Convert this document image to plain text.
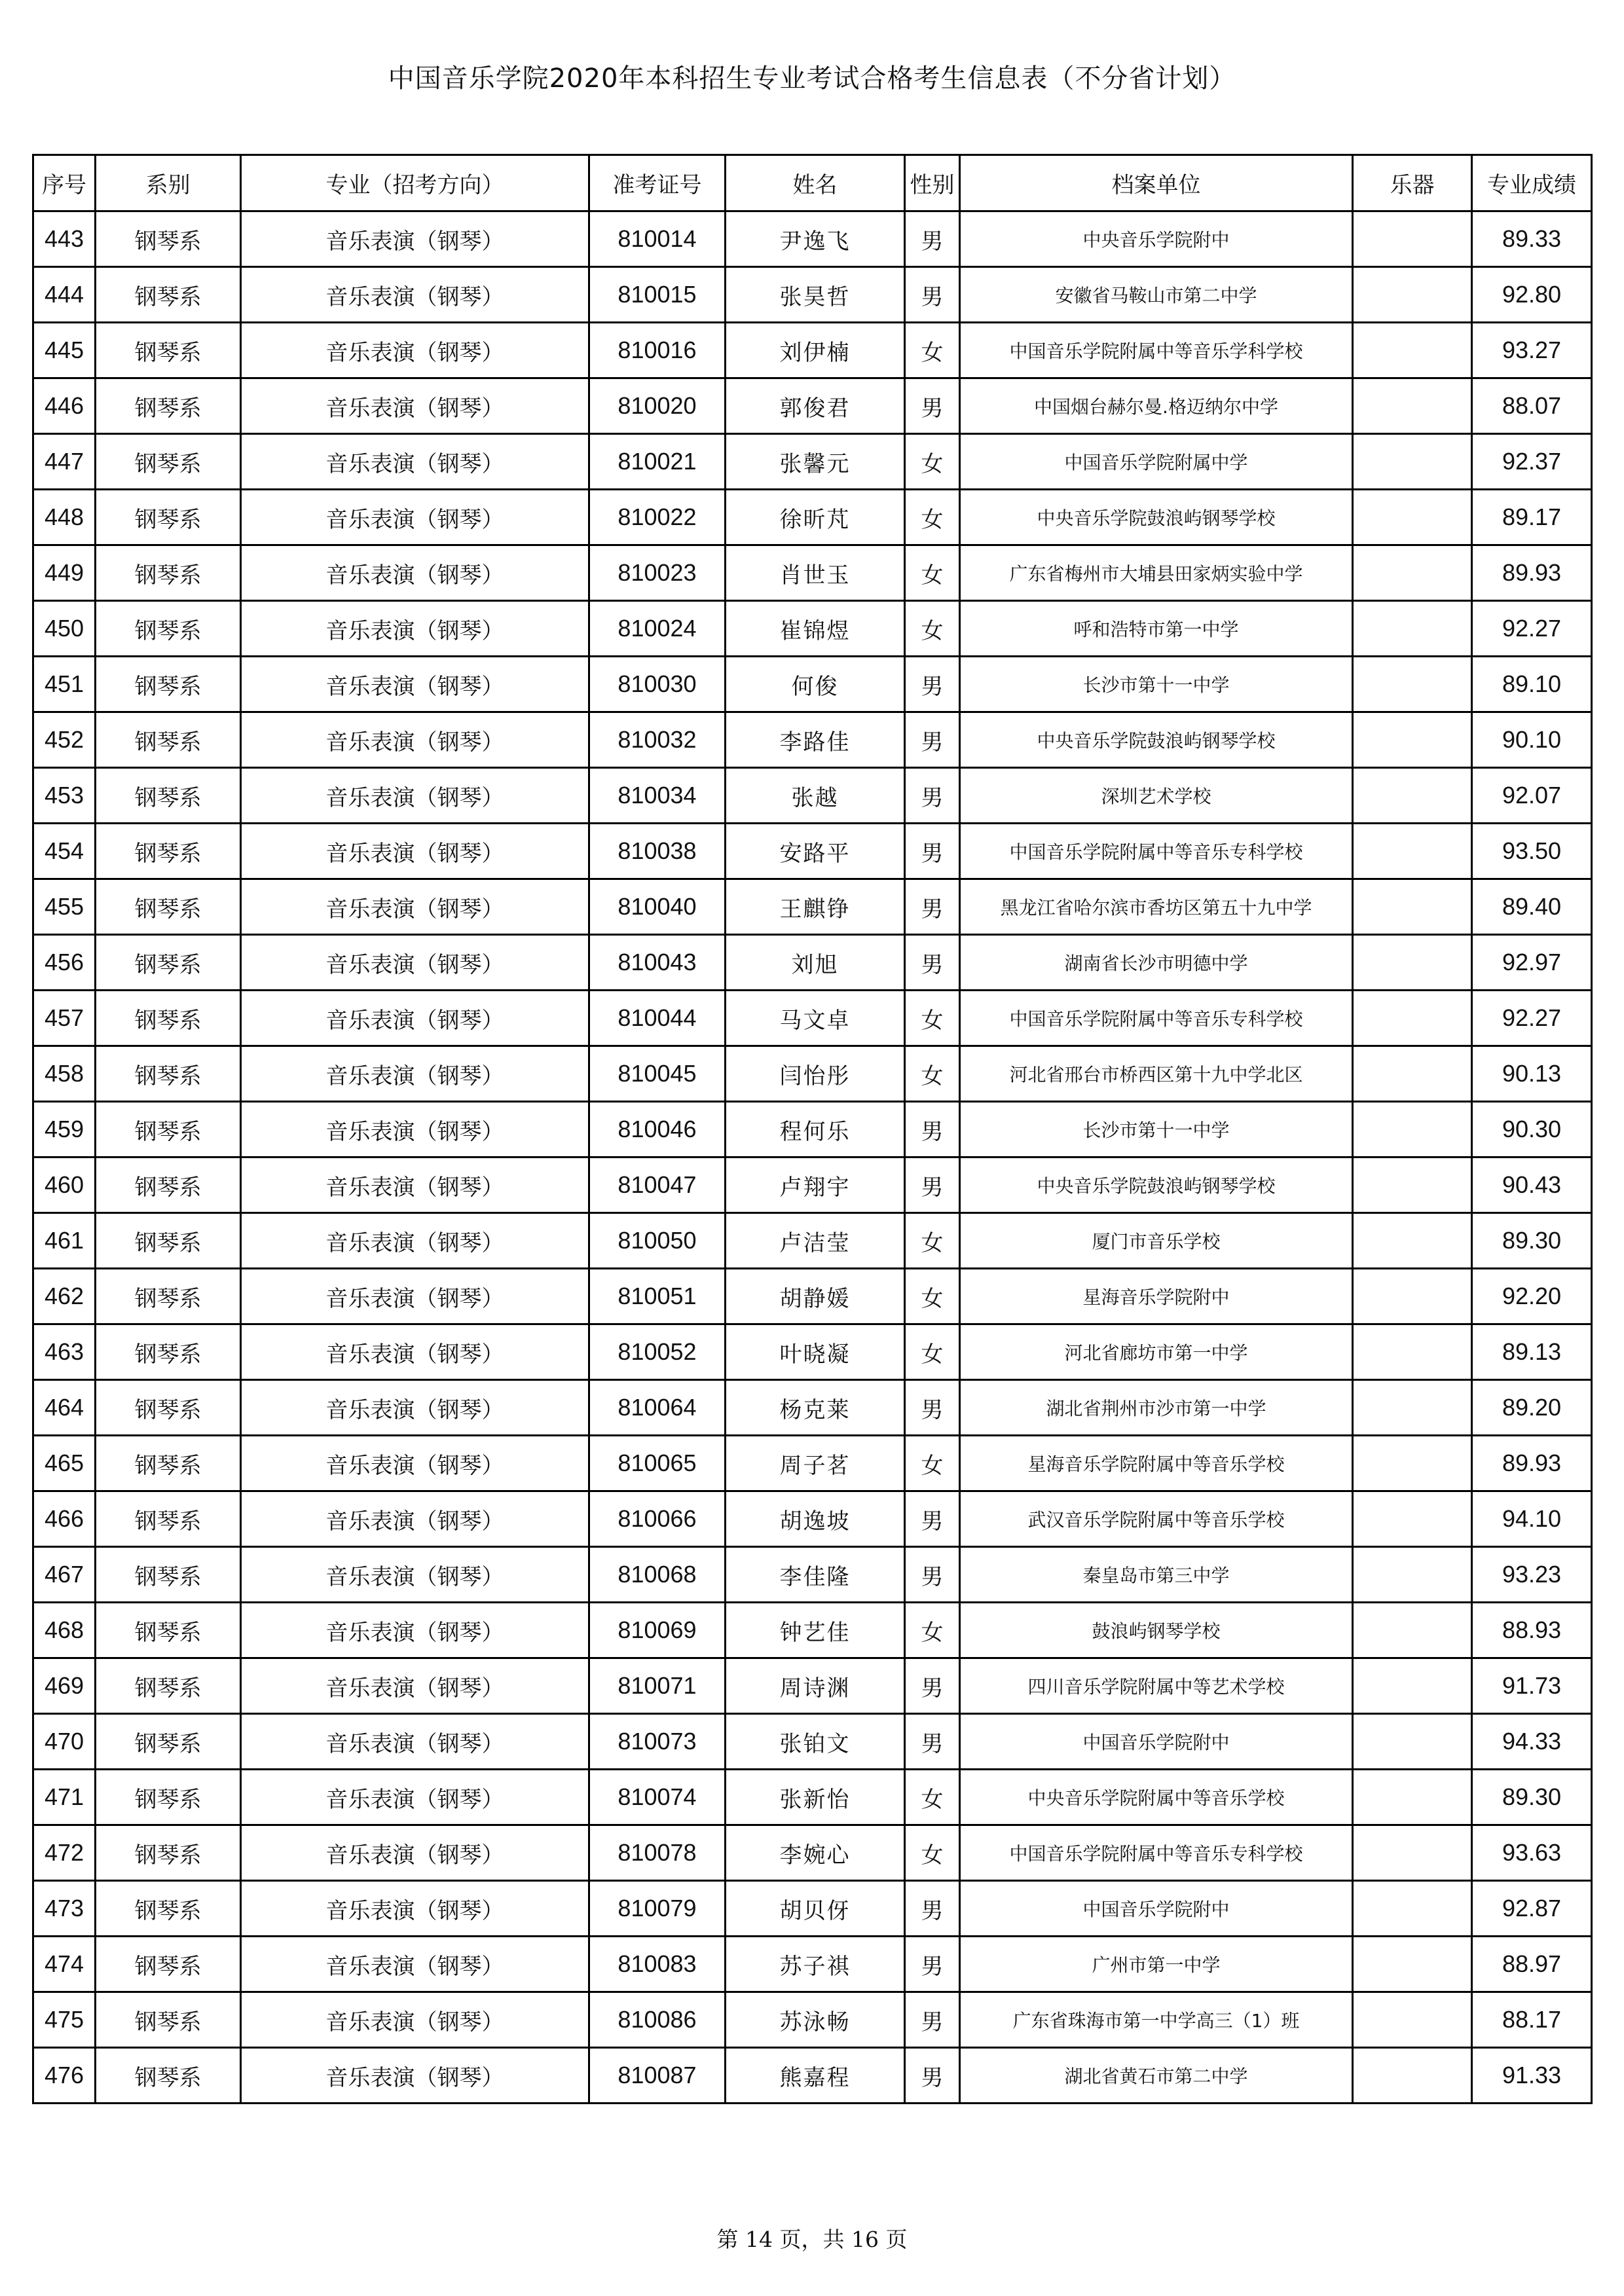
中国音乐学院2020年本科招生专业考试合格考生信息表（不分省计划）
序号	系别	专业（招考方向）	准考证号	姓名	性别	档案单位	乐器	专业成绩
443	钢琴系	音乐表演（钢琴）	810014	尹逸飞	男	中央音乐学院附中		89.33
444	钢琴系	音乐表演（钢琴）	810015	张昊哲	男	安徽省马鞍山市第二中学		92.80
445	钢琴系	音乐表演（钢琴）	810016	刘伊楠	女	中国音乐学院附属中等音乐学科学校		93.27
446	钢琴系	音乐表演（钢琴）	810020	郭俊君	男	中国烟台赫尔曼.格迈纳尔中学		88.07
447	钢琴系	音乐表演（钢琴）	810021	张馨元	女	中国音乐学院附属中学		92.37
448	钢琴系	音乐表演（钢琴）	810022	徐昕芃	女	中央音乐学院鼓浪屿钢琴学校		89.17
449	钢琴系	音乐表演（钢琴）	810023	肖世玉	女	广东省梅州市大埔县田家炳实验中学		89.93
450	钢琴系	音乐表演（钢琴）	810024	崔锦煜	女	呼和浩特市第一中学		92.27
451	钢琴系	音乐表演（钢琴）	810030	何俊	男	长沙市第十一中学		89.10
452	钢琴系	音乐表演（钢琴）	810032	李路佳	男	中央音乐学院鼓浪屿钢琴学校		90.10
453	钢琴系	音乐表演（钢琴）	810034	张越	男	深圳艺术学校		92.07
454	钢琴系	音乐表演（钢琴）	810038	安路平	男	中国音乐学院附属中等音乐专科学校		93.50
455	钢琴系	音乐表演（钢琴）	810040	王麒铮	男	黑龙江省哈尔滨市香坊区第五十九中学		89.40
456	钢琴系	音乐表演（钢琴）	810043	刘旭	男	湖南省长沙市明德中学		92.97
457	钢琴系	音乐表演（钢琴）	810044	马文卓	女	中国音乐学院附属中等音乐专科学校		92.27
458	钢琴系	音乐表演（钢琴）	810045	闫怡彤	女	河北省邢台市桥西区第十九中学北区		90.13
459	钢琴系	音乐表演（钢琴）	810046	程何乐	男	长沙市第十一中学		90.30
460	钢琴系	音乐表演（钢琴）	810047	卢翔宇	男	中央音乐学院鼓浪屿钢琴学校		90.43
461	钢琴系	音乐表演（钢琴）	810050	卢洁莹	女	厦门市音乐学校		89.30
462	钢琴系	音乐表演（钢琴）	810051	胡静媛	女	星海音乐学院附中		92.20
463	钢琴系	音乐表演（钢琴）	810052	叶晓凝	女	河北省廊坊市第一中学		89.13
464	钢琴系	音乐表演（钢琴）	810064	杨克莱	男	湖北省荆州市沙市第一中学		89.20
465	钢琴系	音乐表演（钢琴）	810065	周子茗	女	星海音乐学院附属中等音乐学校		89.93
466	钢琴系	音乐表演（钢琴）	810066	胡逸坡	男	武汉音乐学院附属中等音乐学校		94.10
467	钢琴系	音乐表演（钢琴）	810068	李佳隆	男	秦皇岛市第三中学		93.23
468	钢琴系	音乐表演（钢琴）	810069	钟艺佳	女	鼓浪屿钢琴学校		88.93
469	钢琴系	音乐表演（钢琴）	810071	周诗渊	男	四川音乐学院附属中等艺术学校		91.73
470	钢琴系	音乐表演（钢琴）	810073	张铂文	男	中国音乐学院附中		94.33
471	钢琴系	音乐表演（钢琴）	810074	张新怡	女	中央音乐学院附属中等音乐学校		89.30
472	钢琴系	音乐表演（钢琴）	810078	李婉心	女	中国音乐学院附属中等音乐专科学校		93.63
473	钢琴系	音乐表演（钢琴）	810079	胡贝伢	男	中国音乐学院附中		92.87
474	钢琴系	音乐表演（钢琴）	810083	苏子祺	男	广州市第一中学		88.97
475	钢琴系	音乐表演（钢琴）	810086	苏泳畅	男	广东省珠海市第一中学高三（1）班		88.17
476	钢琴系	音乐表演（钢琴）	810087	熊嘉程	男	湖北省黄石市第二中学		91.33
第 14 页，共 16 页
